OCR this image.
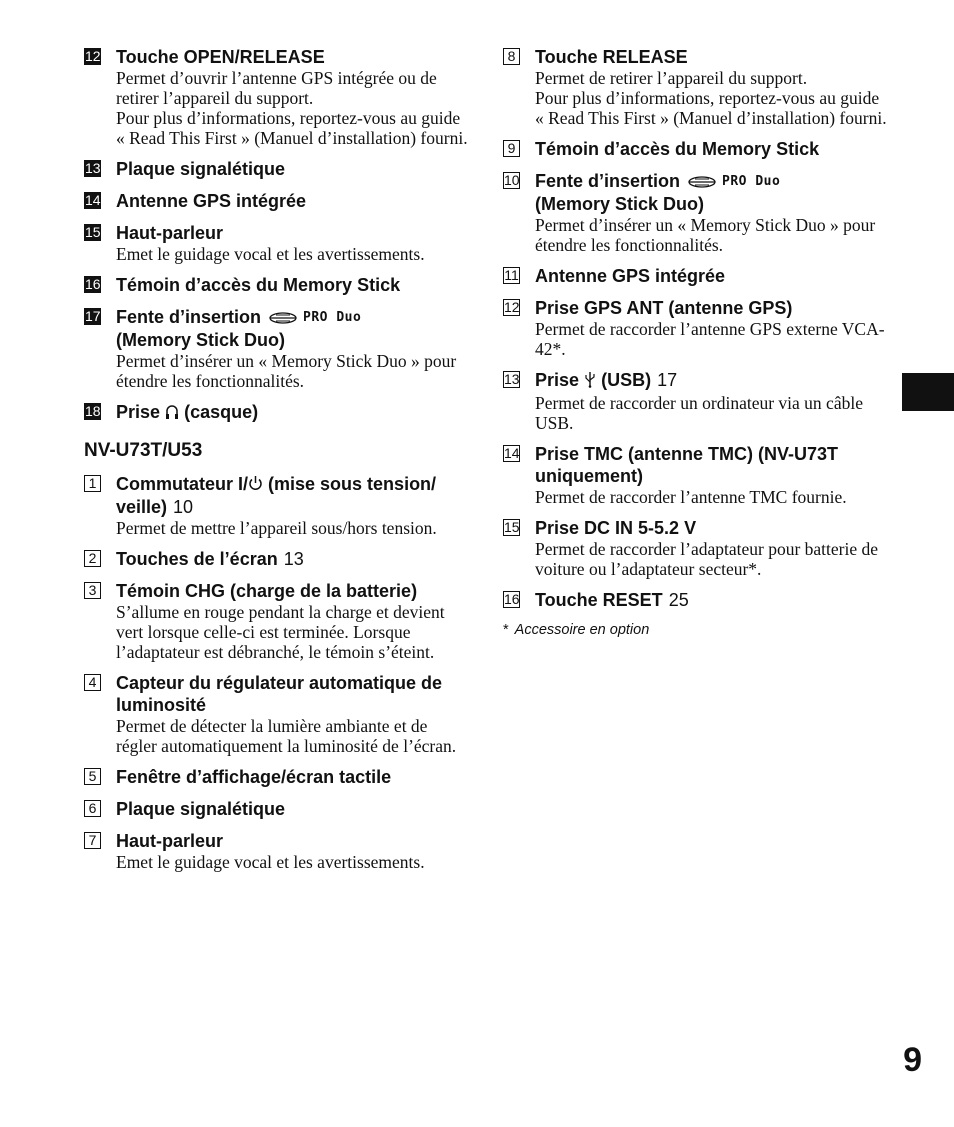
12 Touche OPEN/RELEASE
Permet d’ouvrir l’antenne GPS intégrée ou de retirer l’appareil du support.
Pour plus d’informations, reportez-vous au guide « Read This First » (Manuel d’installation) fourni.
13 Plaque signalétique
14 Antenne GPS intégrée
15 Haut-parleur
Emet le guidage vocal et les avertissements.
16 Témoin d’accès du Memory Stick
17 Fente d’insertion	PRO Duo

(Memory Stick Duo)
Permet d’insérer un « Memory Stick Duo » pour étendre les fonctionnalités.
18 Prise (casque)
NV-U73T/U53
1 Commutateur I/ (mise sous tension/ veille) 10
Permet de mettre l’appareil sous/hors tension.
2 Touches de l’écran 13
3 Témoin CHG (charge de la batterie)
S’allume en rouge pendant la charge et devient vert lorsque celle-ci est terminée. Lorsque l’adaptateur est débranché, le témoin s’éteint.
4 Capteur du régulateur automatique de luminosité
Permet de détecter la lumière ambiante et de régler automatiquement la luminosité de l’écran.
5 Fenêtre d’affichage/écran tactile
6 Plaque signalétique
7 Haut-parleur
Emet le guidage vocal et les avertissements.
8 Touche RELEASE
Permet de retirer l’appareil du support.
Pour plus d’informations, reportez-vous au guide « Read This First » (Manuel d’installation) fourni.
9 Témoin d’accès du Memory Stick
10 Fente d’insertion	PRO Duo

(Memory Stick Duo)
Permet d’insérer un « Memory Stick Duo » pour étendre les fonctionnalités.
11 Antenne GPS intégrée
12 Prise GPS ANT (antenne GPS)
Permet de raccorder l’antenne GPS externe VCA-42*.
13 Prise (USB) 17
Permet de raccorder un ordinateur via un câble USB.
14 Prise TMC (antenne TMC) (NV-U73T uniquement)
Permet de raccorder l’antenne TMC fournie.
15 Prise DC IN 5-5.2 V
Permet de raccorder l’adaptateur pour batterie de voiture ou l’adaptateur secteur*.
16 Touche RESET 25
* Accessoire en option
9
